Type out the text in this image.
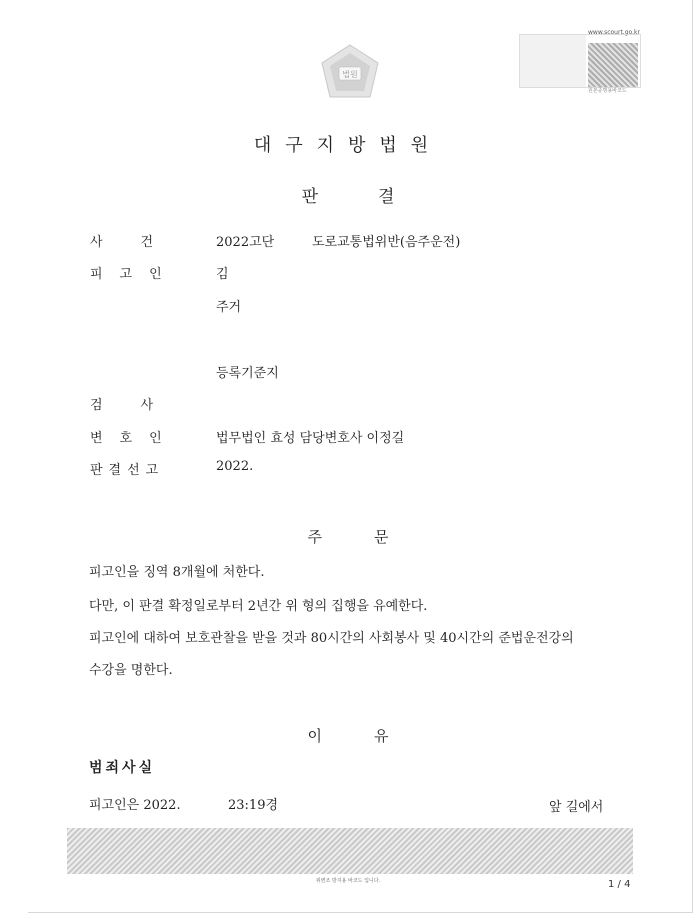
법원
www.scourt.go.kr
원본증명용바코드
대구지방법원
판결
사건 2022고단	도로교통법위반(음주운전)
피고인	김
주거
등록기준지
검사
변호인	법무법인 효성 담당변호사 이정길
판결선고	2022.
주문
피고인을 징역 8개월에 처한다.
다만, 이 판결 확정일로부터 2년간 위 형의 집행을 유예한다.
피고인에 대하여 보호관찰을 받을 것과 80시간의 사회봉사 및 40시간의 준법운전강의
수강을 명한다.
이유
범죄사실
피고인은 2022.	23:19경	앞 길에서
위변조 방지용 바코드 입니다.	1 / 4
